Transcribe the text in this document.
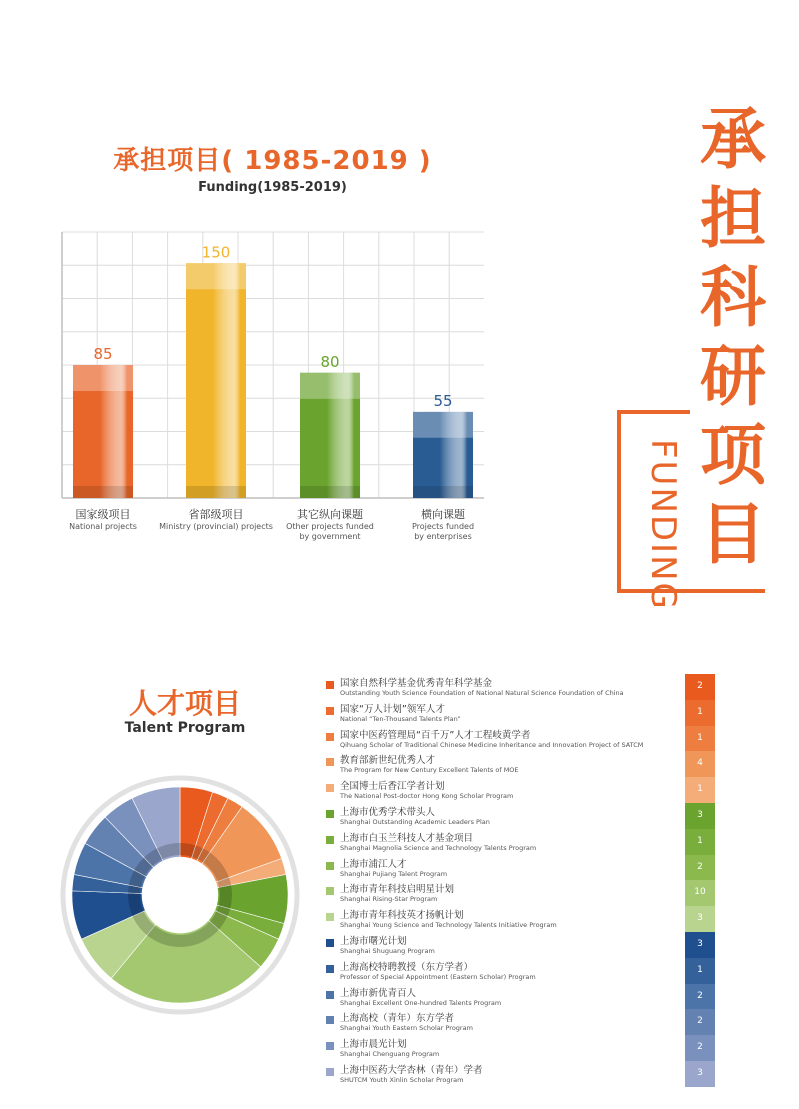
承担项目( 1985-2019 )
Funding(1985-2019)
85
150
80
55
国家级项目
National projects
省部级项目
Ministry (provincial) projects
其它纵向课题
Other projects funded
by government
横向课题
Projects funded
by enterprises
承
担
科
研
项
目
FUNDING
人才项目
Talent Program
国家自然科学基金优秀青年科学基金
Outstanding Youth Science Foundation of National Natural Science Foundation of China
国家“万人计划”领军人才
National “Ten-Thousand Talents Plan”
国家中医药管理局“百千万”人才工程岐黄学者
Qihuang Scholar of Traditional Chinese Medicine Inheritance and Innovation Project of SATCM
教育部新世纪优秀人才
The Program for New Century Excellent Talents of MOE
全国博士后香江学者计划
The National Post-doctor Hong Kong Scholar Program
上海市优秀学术带头人
Shanghai Outstanding Academic Leaders Plan
上海市白玉兰科技人才基金项目
Shanghai Magnolia Science and Technology Talents Program
上海市浦江人才
Shanghai Pujiang Talent Program
上海市青年科技启明星计划
Shanghai Rising-Star Program
上海市青年科技英才扬帆计划
Shanghai Young Science and Technology Talents Initiative Program
上海市曙光计划
Shanghai Shuguang Program
上海高校特聘教授（东方学者）
Professor of Special Appointment (Eastern Scholar) Program
上海市新优青百人
Shanghai Excellent One-hundred Talents Program
上海高校（青年）东方学者
Shanghai Youth Eastern Scholar Program
上海市晨光计划
Shanghai Chenguang Program
上海中医药大学杏林（青年）学者
SHUTCM Youth Xinlin Scholar Program
2
1
1
4
1
3
1
2
10
3
3
1
2
2
2
3
